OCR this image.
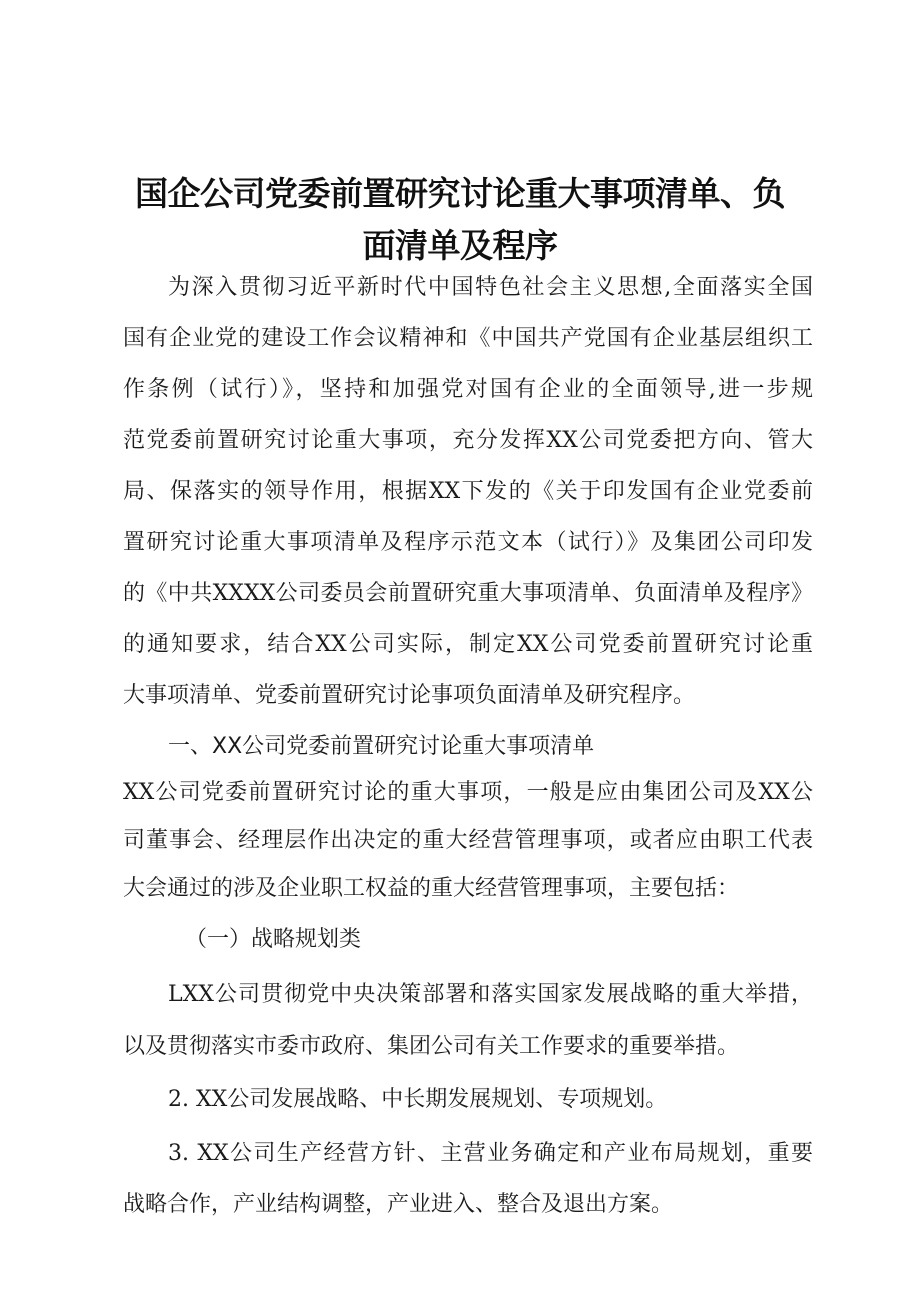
国企公司党委前置研究讨论重大事项清单、负
面清单及程序

为深入贯彻习近平新时代中国特色社会主义思想,全面落实全国

国有企业党的建设工作会议精神和《中国共产党国有企业基层组织工

作条例（试行）》，坚持和加强党对国有企业的全面领导,进一步规

范党委前置研究讨论重大事项，充分发挥XX公司党委把方向、管大

局、保落实的领导作用，根据XX下发的《关于印发国有企业党委前

置研究讨论重大事项清单及程序示范文本（试行）》及集团公司印发

的《中共XXXX公司委员会前置研究重大事项清单、负面清单及程序》

的通知要求，结合XX公司实际，制定XX公司党委前置研究讨论重

大事项清单、党委前置研究讨论事项负面清单及研究程序。

一、XX公司党委前置研究讨论重大事项清单

XX公司党委前置研究讨论的重大事项，一般是应由集团公司及XX公

司董事会、经理层作出决定的重大经营管理事项，或者应由职工代表

大会通过的涉及企业职工权益的重大经营管理事项，主要包括：

（一）战略规划类

LXX公司贯彻党中央决策部署和落实国家发展战略的重大举措，

以及贯彻落实市委市政府、集团公司有关工作要求的重要举措。

2. XX公司发展战略、中长期发展规划、专项规划。

3. XX公司生产经营方针、主营业务确定和产业布局规划，重要

战略合作，产业结构调整，产业进入、整合及退出方案。
